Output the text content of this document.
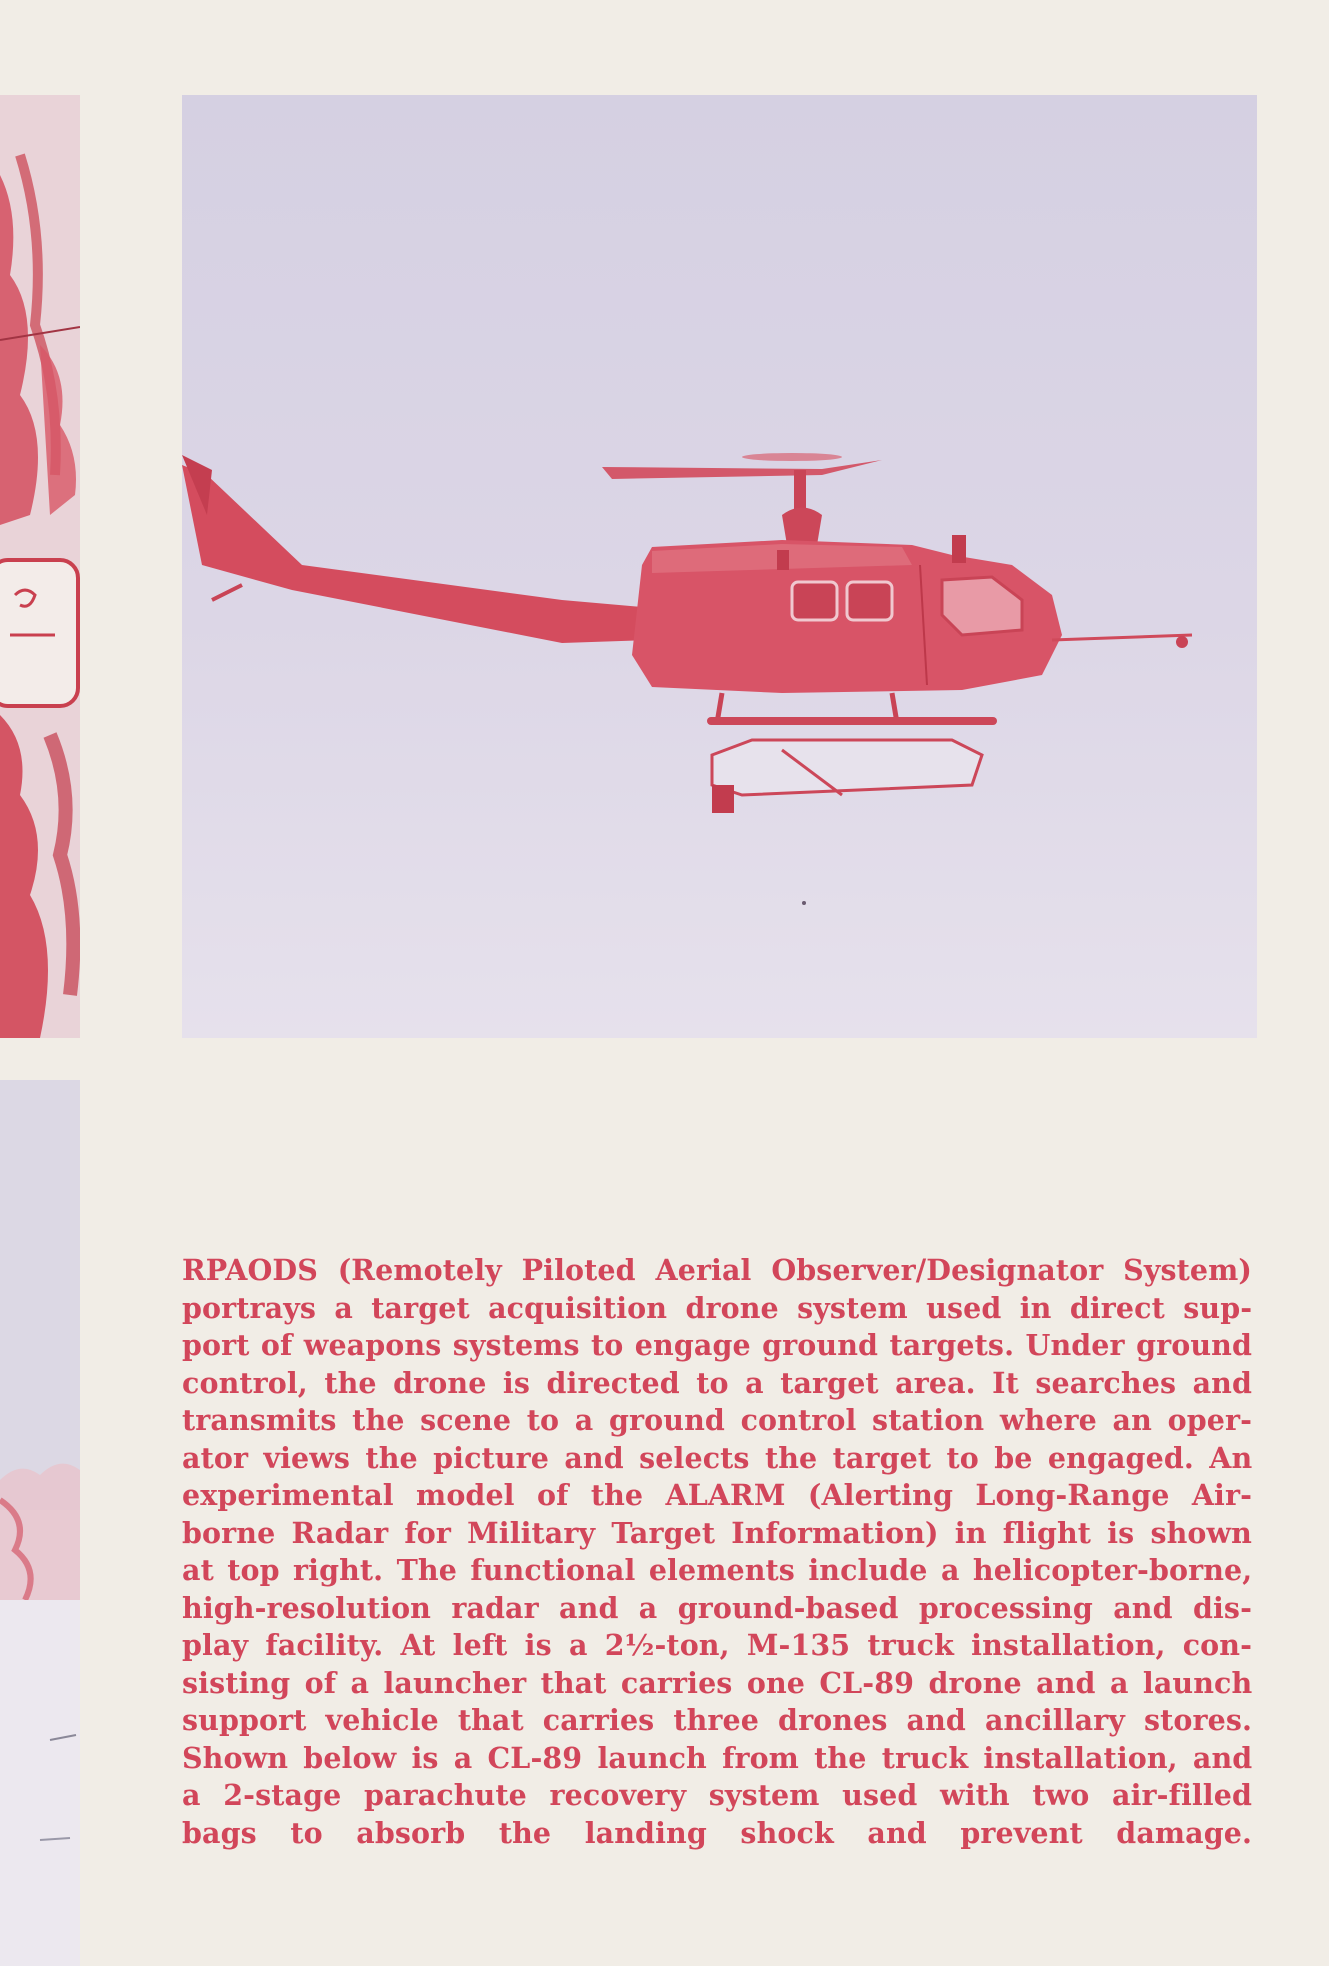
RPAODS (Remotely Piloted Aerial Observer/Designator System)
portrays a target acquisition drone system used in direct sup-
port of weapons systems to engage ground targets. Under ground
control, the drone is directed to a target area. It searches and
transmits the scene to a ground control station where an oper-
ator views the picture and selects the target to be engaged. An
experimental model of the ALARM (Alerting Long-Range Air-
borne Radar for Military Target Information) in flight is shown
at top right. The functional elements include a helicopter-borne,
high-resolution radar and a ground-based processing and dis-
play facility. At left is a 2½-ton, M-135 truck installation, con-
sisting of a launcher that carries one CL-89 drone and a launch
support vehicle that carries three drones and ancillary stores.
Shown below is a CL-89 launch from the truck installation, and
a 2-stage parachute recovery system used with two air-filled
bags to absorb the landing shock and prevent damage.
